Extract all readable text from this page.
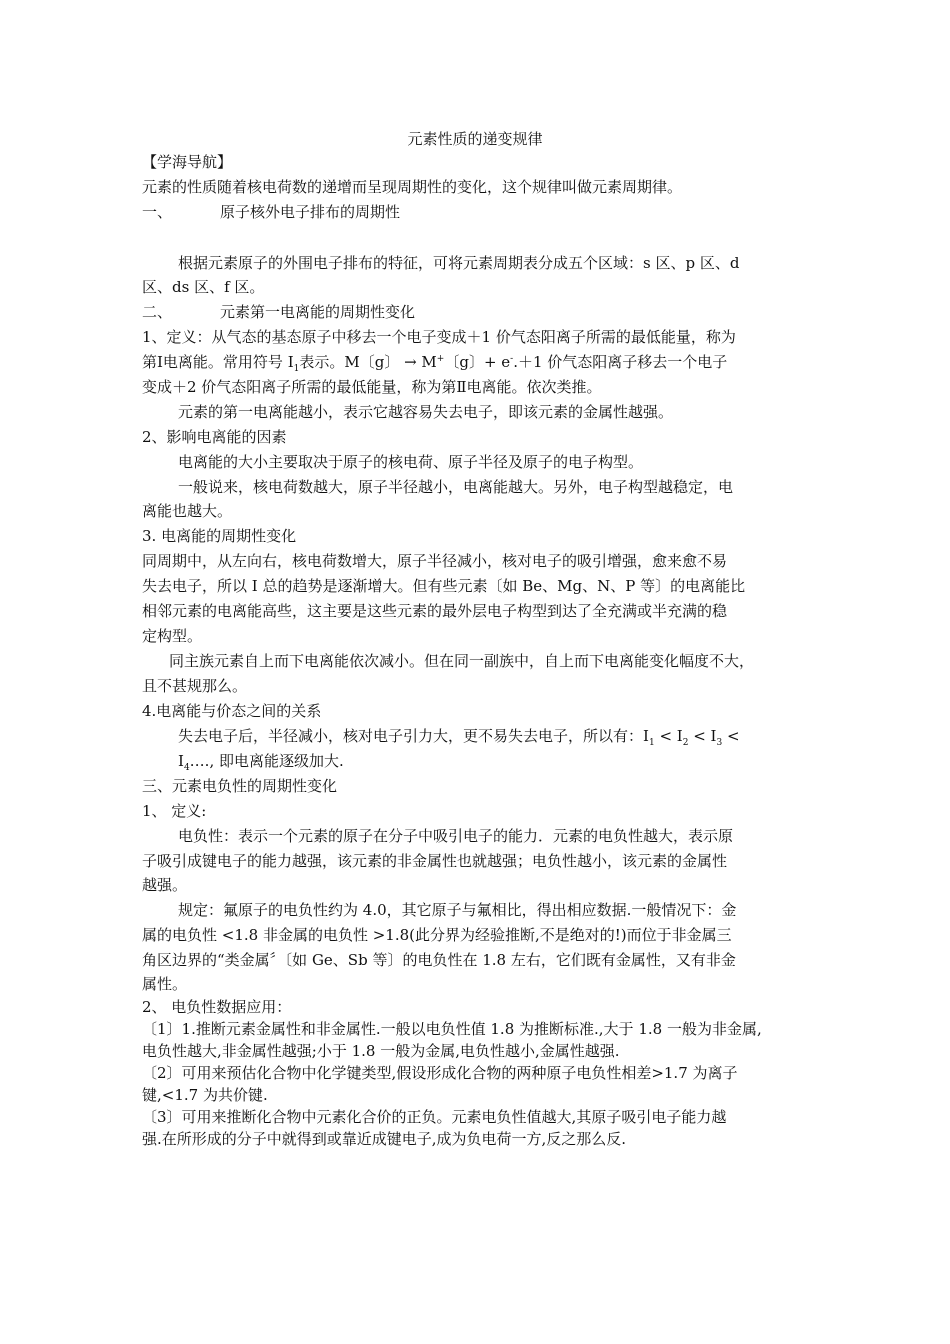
元素性质的递变规律
【学海导航】
元素的性质随着核电荷数的递增而呈现周期性的变化，这个规律叫做元素周期律。
一、	原子核外电子排布的周期性
根据元素原子的外围电子排布的特征，可将元素周期表分成五个区域：s 区、p 区、d
区、ds 区、f 区。
二、	元素第一电离能的周期性变化
1、定义：从气态的基态原子中移去一个电子变成＋1 价气态阳离子所需的最低能量，称为
第Ⅰ电离能。常用符号 $I_1$表示。M〔g〕 → M+〔g〕+ e-.＋1 价气态阳离子移去一个电子
变成＋2 价气态阳离子所需的最低能量，称为第Ⅱ电离能。依次类推。
元素的第一电离能越小，表示它越容易失去电子，即该元素的金属性越强。
2、影响电离能的因素
电离能的大小主要取决于原子的核电荷、原子半径及原子的电子构型。
一般说来，核电荷数越大，原子半径越小，电离能越大。另外，电子构型越稳定，电
离能也越大。
3. 电离能的周期性变化
同周期中，从左向右，核电荷数增大，原子半径减小，核对电子的吸引增强，愈来愈不易
失去电子，所以 I 总的趋势是逐渐增大。但有些元素〔如 Be、Mg、N、P 等〕的电离能比
相邻元素的电离能高些，这主要是这些元素的最外层电子构型到达了全充满或半充满的稳
定构型。
同主族元素自上而下电离能依次减小。但在同一副族中，自上而下电离能变化幅度不大，
且不甚规那么。
4.电离能与价态之间的关系
失去电子后，半径减小，核对电子引力大，更不易失去电子，所以有：$I_1 < I_2 < I_3$ <
$I_4\dots$., 即电离能逐级加大.
三、元素电负性的周期性变化
1、 定义:
电负性：表示一个元素的原子在分子中吸引电子的能力．元素的电负性越大，表示原
子吸引成键电子的能力越强，该元素的非金属性也就越强；电负性越小，该元素的金属性
越强。
规定：氟原子的电负性约为 4.0，其它原子与氟相比，得出相应数据.一般情况下：金
属的电负性 <1.8 非金属的电负性 >1.8(此分界为经验推断,不是绝对的!)而位于非金属三
角区边界的“类金属〞〔如 Ge、Sb 等〕的电负性在 1.8 左右，它们既有金属性，又有非金
属性。
2、 电负性数据应用：
〔1〕1.推断元素金属性和非金属性.一般以电负性值 1.8 为推断标准.,大于 1.8 一般为非金属,
电负性越大,非金属性越强;小于 1.8 一般为金属,电负性越小,金属性越强.
〔2〕可用来预估化合物中化学键类型,假设形成化合物的两种原子电负性相差>1.7 为离子
键,<1.7 为共价键.
〔3〕可用来推断化合物中元素化合价的正负。元素电负性值越大,其原子吸引电子能力越
强.在所形成的分子中就得到或靠近成键电子,成为负电荷一方,反之那么反.
